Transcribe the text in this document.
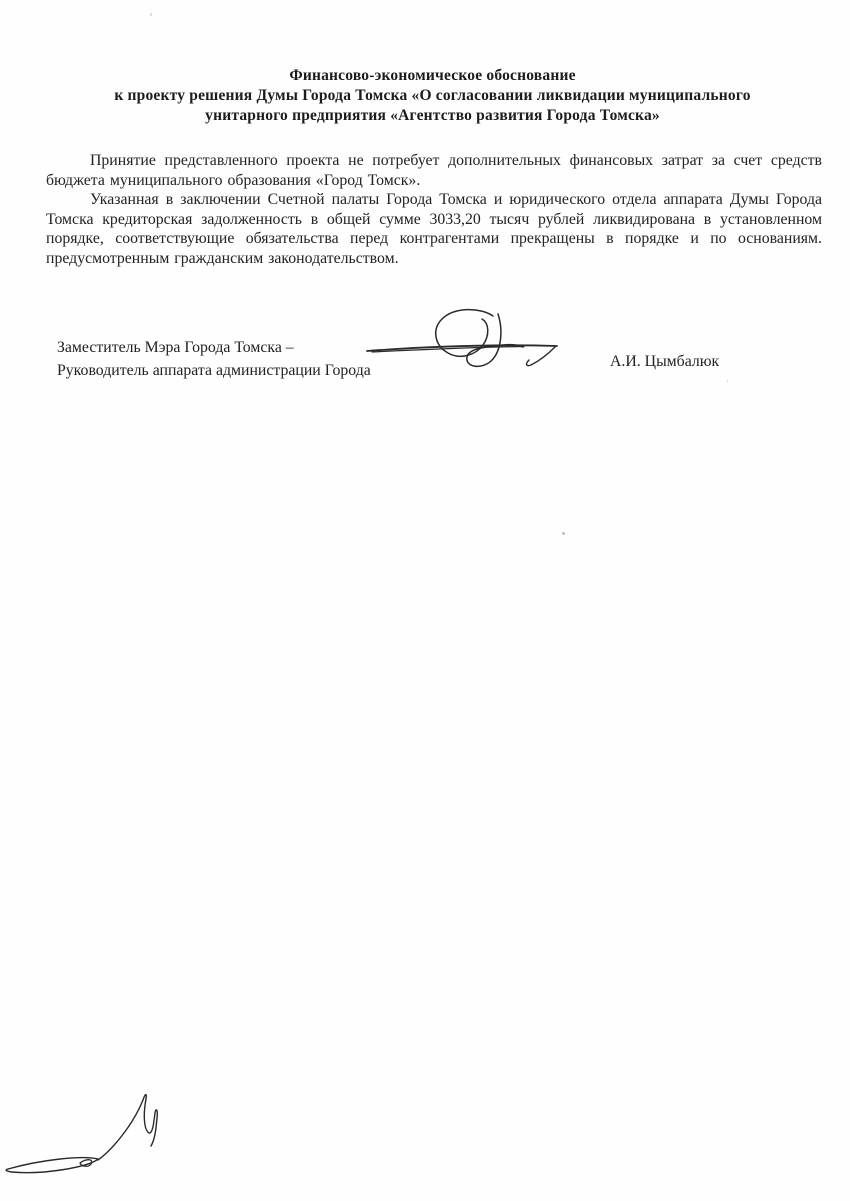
Финансово-экономическое обоснование
к проекту решения Думы Города Томска «О согласовании ликвидации муниципального
унитарного предприятия «Агентство развития Города Томска»

Принятие представленного проекта не потребует дополнительных финансовых затрат за счет средств бюджета муниципального образования «Город Томск».

Указанная в заключении Счетной палаты Города Томска и юридического отдела аппарата Думы Города Томска кредиторская задолженность в общей сумме 3033,20 тысяч рублей ликвидирована в установленном порядке, соответствующие обязательства перед контрагентами прекращены в порядке и по основаниям. предусмотренным гражданским законодательством.

Заместитель Мэра Города Томска –
Руководитель аппарата администрации Города
А.И. Цымбалюк
